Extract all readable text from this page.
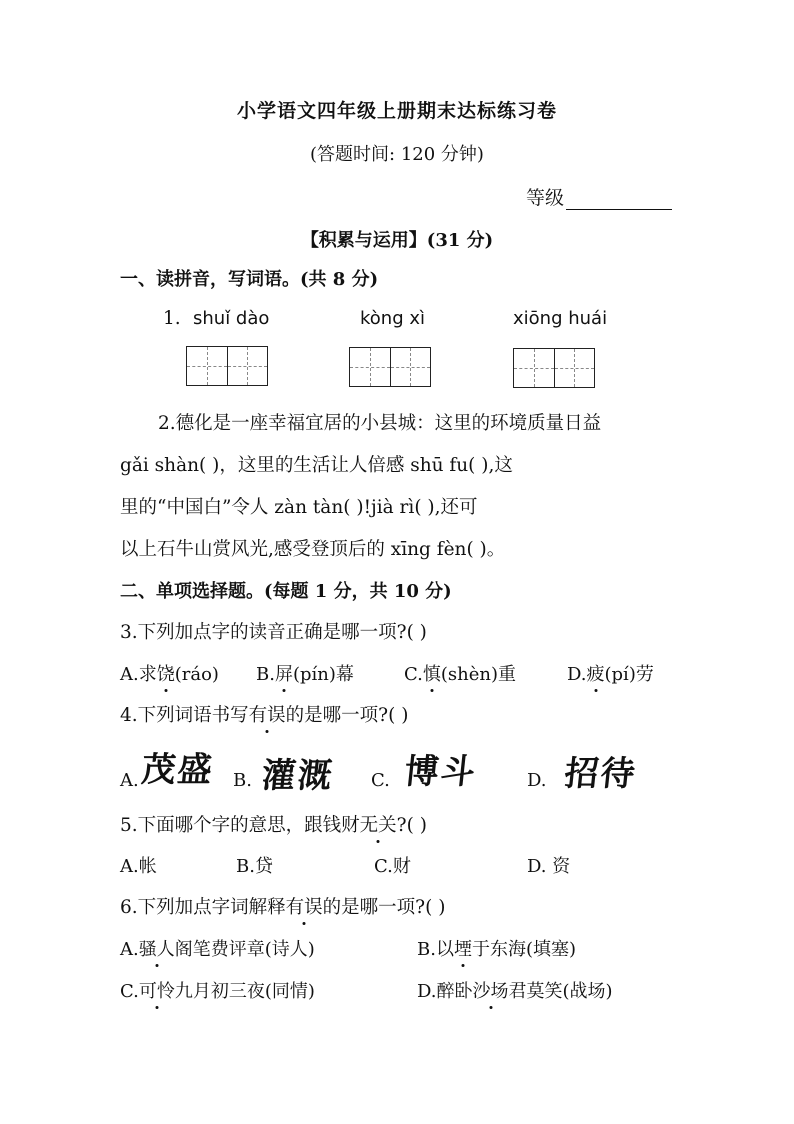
小学语文四年级上册期末达标练习卷
(答题时间: 120 分钟)
等级
【积累与运用】(31 分)
一、读拼音，写词语。(共 8 分)
1. shuǐ dào	kòng xì	xiōng huái
2.德化是一座幸福宜居的小县城：这里的环境质量日益
gǎi shàn( )，这里的生活让人倍感 shū fu( ),这
里的“中国白”令人 zàn tàn( )!jià rì( ),还可
以上石牛山赏风光,感受登顶后的 xīng fèn( )。
二、单项选择题。(每题 1 分，共 10 分)
3.下列加点字的读音正确是哪一项?( )
A.求饶(ráo) B.屏(pín)幕	C.慎(shèn)重	D.疲(pí)劳
4.下列词语书写有误的是哪一项?( )
A. 茂盛 B. 灌溉 C. 博斗	D. 招待
5.下面哪个字的意思，跟钱财无关?( )
A.帐	B.贷	C.财	D. 资
6.下列加点字词解释有误的是哪一项?( )
A.骚人阁笔费评章(诗人)	B.以堙于东海(填塞)
C.可怜九月初三夜(同情)	D.醉卧沙场君莫笑(战场)
